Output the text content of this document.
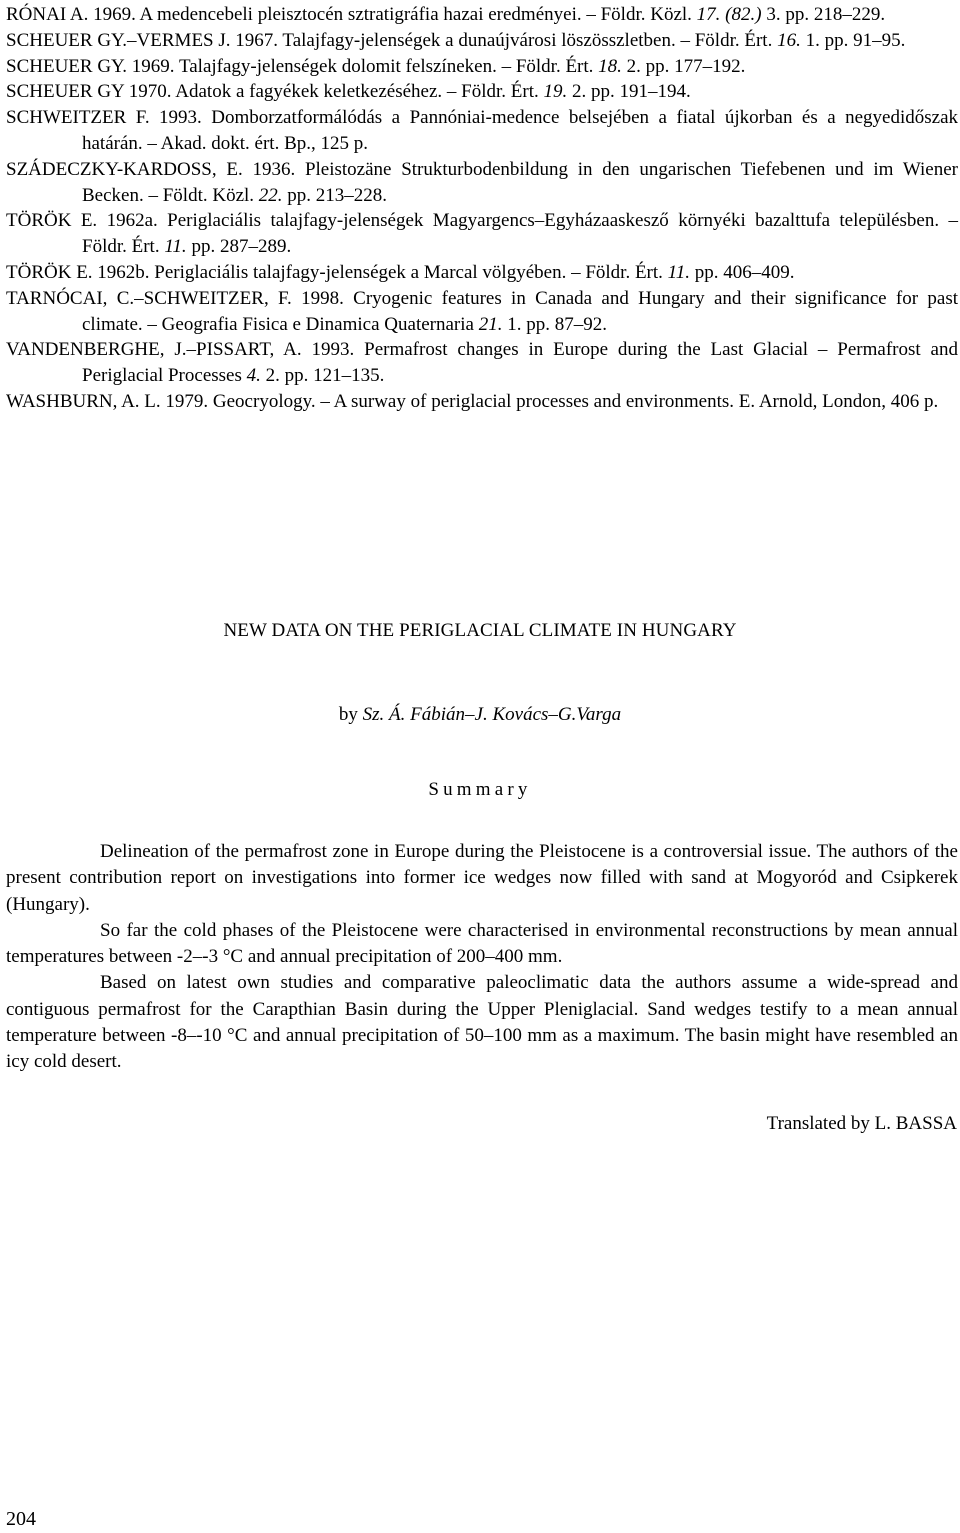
RÓNAI A. 1969. A medencebeli pleisztocén sztratigráfia hazai eredményei. – Földr. Közl. 17. (82.) 3. pp. 218–229.
SCHEUER GY.–VERMES J. 1967. Talajfagy-jelenségek a dunaújvárosi löszösszletben. – Földr. Ért. 16. 1. pp. 91–95.
SCHEUER GY. 1969. Talajfagy-jelenségek dolomit felszíneken. – Földr. Ért. 18. 2. pp. 177–192.
SCHEUER GY 1970. Adatok a fagyékek keletkezéséhez. – Földr. Ért. 19. 2. pp. 191–194.
SCHWEITZER F. 1993. Domborzatformálódás a Pannóniai-medence belsejében a fiatal újkorban és a negyedidőszak határán. – Akad. dokt. ért. Bp., 125 p.
SZÁDECZKY-KARDOSS, E. 1936. Pleistozäne Strukturbodenbildung in den ungarischen Tiefebenen und im Wiener Becken. – Földt. Közl. 22. pp. 213–228.
TÖRÖK E. 1962a. Periglaciális talajfagy-jelenségek Magyargencs–Egyházaaskesző környéki bazalttufa településben. – Földr. Ért. 11. pp. 287–289.
TÖRÖK E. 1962b. Periglaciális talajfagy-jelenségek a Marcal völgyében. – Földr. Ért. 11. pp. 406–409.
TARNÓCAI, C.–SCHWEITZER, F. 1998. Cryogenic features in Canada and Hungary and their significance for past climate. – Geografia Fisica e Dinamica Quaternaria 21. 1. pp. 87–92.
VANDENBERGHE, J.–PISSART, A. 1993. Permafrost changes in Europe during the Last Glacial – Permafrost and Periglacial Processes 4. 2. pp. 121–135.
WASHBURN, A. L. 1979. Geocryology. – A surway of periglacial processes and environments. E. Arnold, London, 406 p.
NEW DATA ON THE PERIGLACIAL CLIMATE IN HUNGARY
by Sz. Á. Fábián–J. Kovács–G.Varga
Summary

Delineation of the permafrost zone in Europe during the Pleistocene is a controversial issue. The authors of the present contribution report on investigations into former ice wedges now filled with sand at Mogyoród and Csipkerek (Hungary).

So far the cold phases of the Pleistocene were characterised in environmental reconstructions by mean annual temperatures between -2–-3 °C and annual precipitation of 200–400 mm.

Based on latest own studies and comparative paleoclimatic data the authors assume a wide-spread and contiguous permafrost for the Carapthian Basin during the Upper Pleniglacial. Sand wedges testify to a mean annual temperature between -8–-10 °C and annual precipitation of 50–100 mm as a maximum. The basin might have resembled an icy cold desert.

Translated by L. BASSA
204
